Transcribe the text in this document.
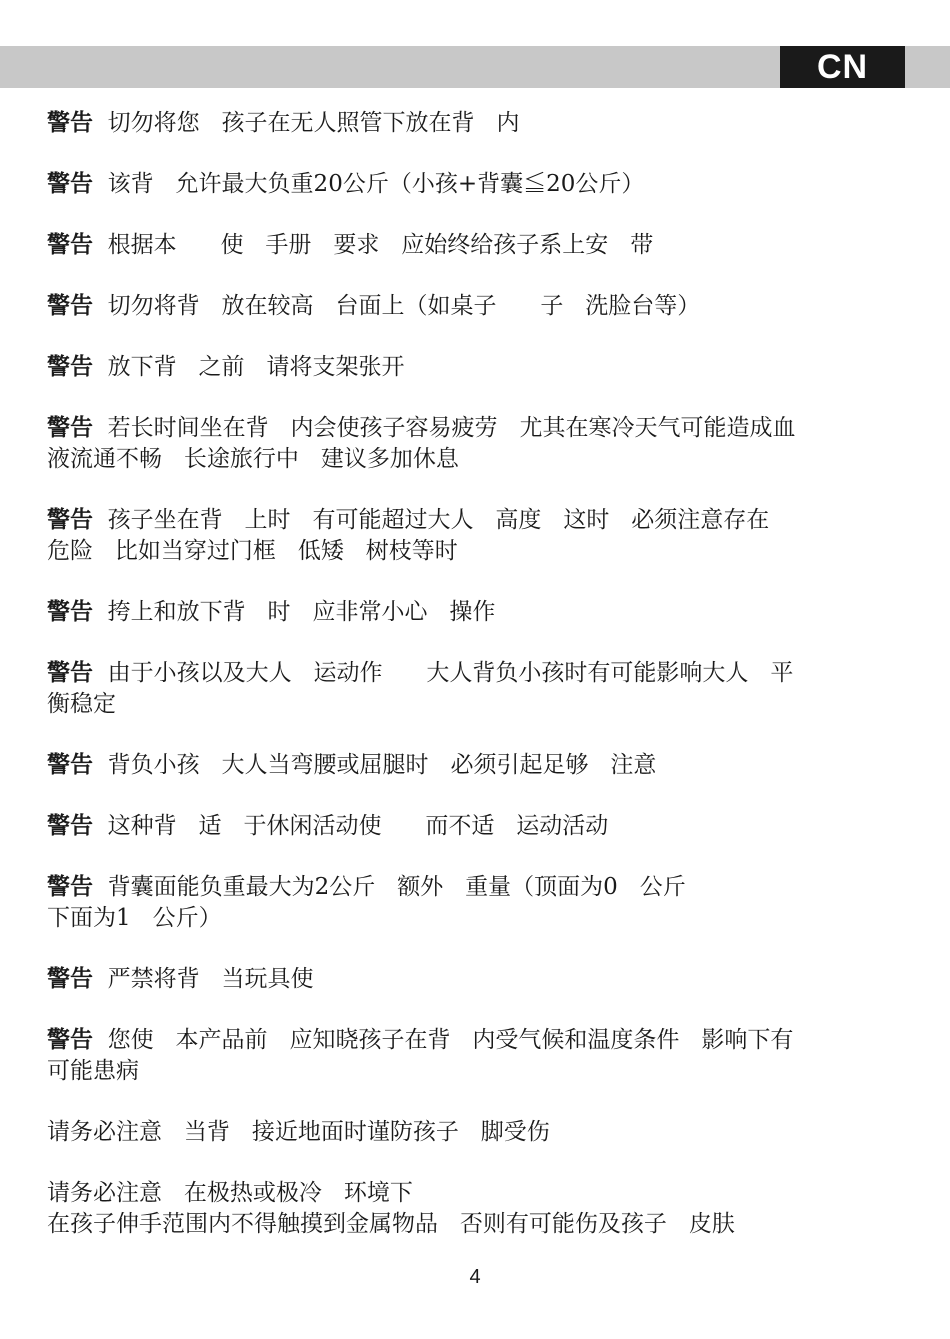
CN
警告  切勿将您   孩子在无人照管下放在背   内
警告  该背   允许最大负重20公斤（小孩+背囊≦20公斤）
警告  根据本      使   手册   要求   应始终给孩子系上安   带
警告  切勿将背   放在较高   台面上（如桌子      子   洗脸台等）
警告  放下背   之前   请将支架张开
警告  若长时间坐在背   内会使孩子容易疲劳   尤其在寒冷天气可能造成血
液流通不畅   长途旅行中   建议多加休息
警告  孩子坐在背   上时   有可能超过大人   高度   这时   必须注意存在
危险   比如当穿过门框   低矮   树枝等时
警告  挎上和放下背   时   应非常小心   操作
警告  由于小孩以及大人   运动作      大人背负小孩时有可能影响大人   平
衡稳定
警告  背负小孩   大人当弯腰或屈腿时   必须引起足够   注意
警告  这种背   适   于休闲活动使      而不适   运动活动
警告  背囊面能负重最大为2公斤   额外   重量（顶面为0   公斤
下面为1   公斤）
警告  严禁将背   当玩具使
警告  您使   本产品前   应知晓孩子在背   内受气候和温度条件   影响下有
可能患病
请务必注意   当背   接近地面时谨防孩子   脚受伤
请务必注意   在极热或极冷   环境下
在孩子伸手范围内不得触摸到金属物品   否则有可能伤及孩子   皮肤
4
